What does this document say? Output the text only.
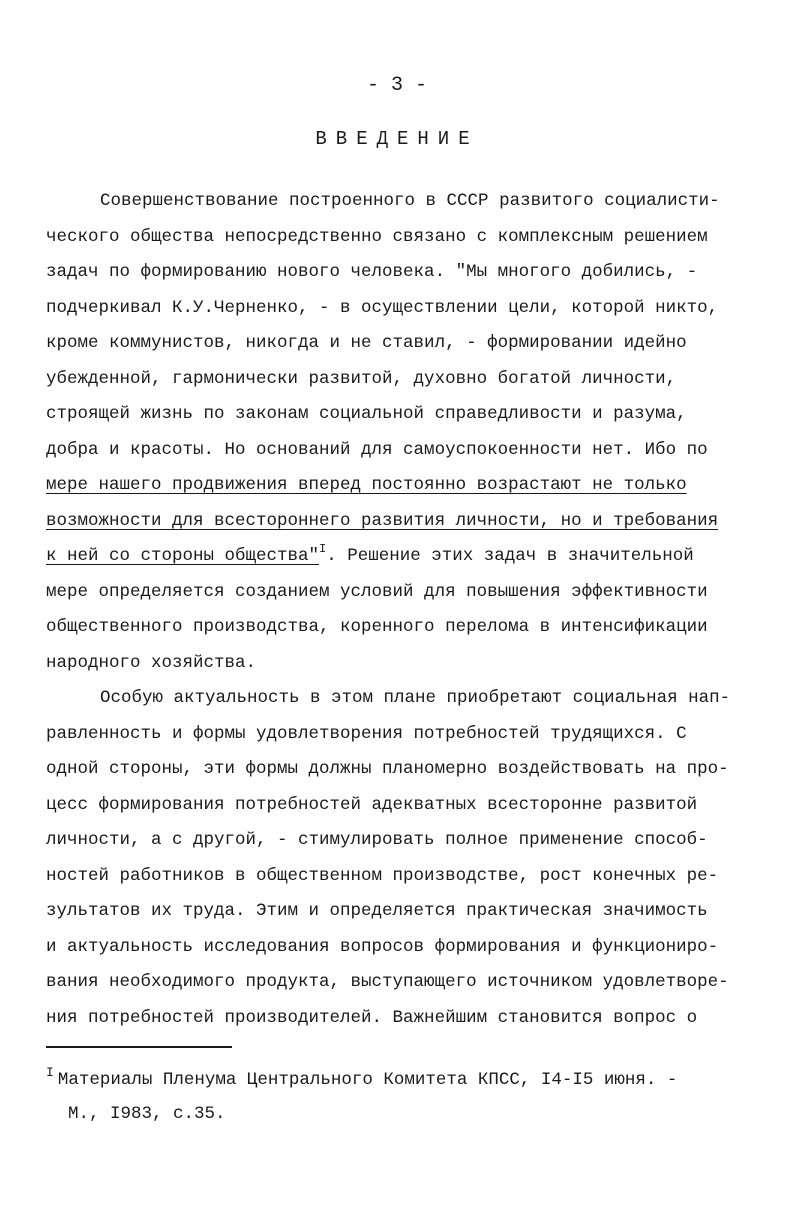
- 3 -
ВВЕДЕНИЕ
Совершенствование построенного в СССР развитого социалисти-
ческого общества непосредственно связано с комплексным решением
задач по формированию нового человека. "Мы многого добились, -
подчеркивал К.У.Черненко, - в осуществлении цели, которой никто,
кроме коммунистов, никогда и не ставил, - формировании идейно
убежденной, гармонически развитой, духовно богатой личности,
строящей жизнь по законам социальной справедливости и разума,
добра и красоты. Но оснований для самоуспокоенности нет. Ибо по
мере нашего продвижения вперед постоянно возрастают не только
возможности для всестороннего развития личности, но и требования
к ней со стороны общества"$^I$. Решение этих задач в значительной
мере определяется созданием условий для повышения эффективности
общественного производства, коренного перелома в интенсификации
народного хозяйства.
Особую актуальность в этом плане приобретают социальная нап-
равленность и формы удовлетворения потребностей трудящихся. С
одной стороны, эти формы должны планомерно воздействовать на про-
цесс формирования потребностей адекватных всесторонне развитой
личности, а с другой, - стимулировать полное применение способ-
ностей работников в общественном производстве, рост конечных ре-
зультатов их труда. Этим и определяется практическая значимость
и актуальность исследования вопросов формирования и функциониро-
вания необходимого продукта, выступающего источником удовлетворе-
ния потребностей производителей. Важнейшим становится вопрос о
$^I$ Материалы Пленума Центрального Комитета КПСС, I4-I5 июня. -
М., I983, с.35.
